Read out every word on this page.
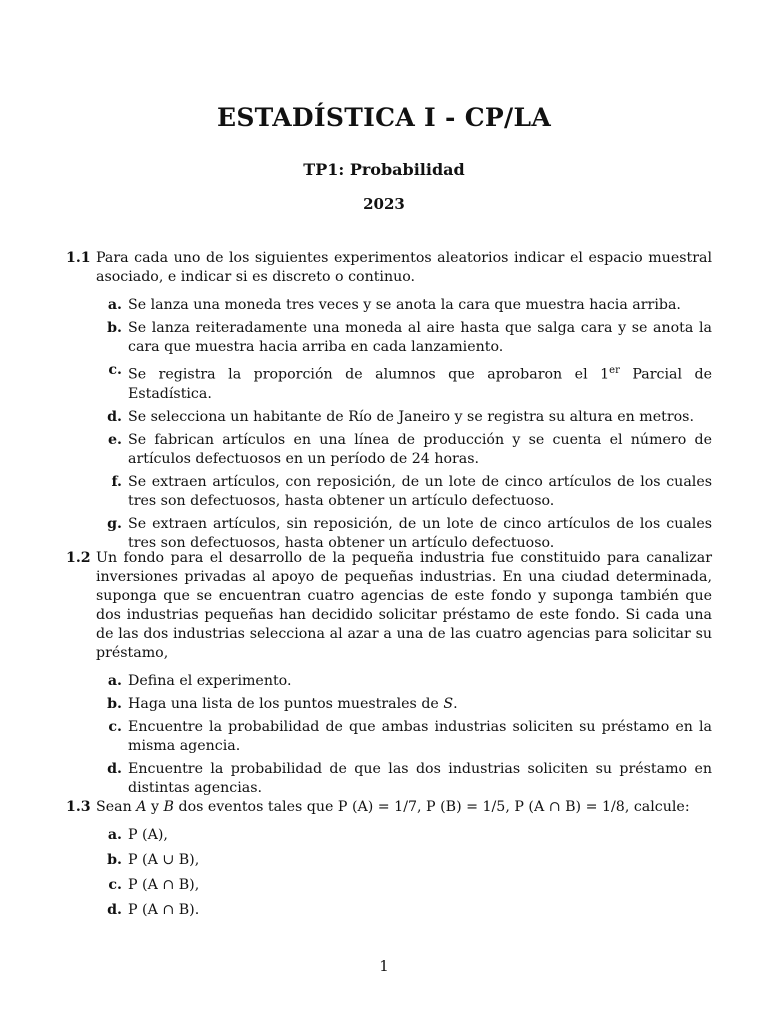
ESTADÍSTICA I - CP/LA
TP1: Probabilidad
2023
1.1 Para cada uno de los siguientes experimentos aleatorios indicar el espacio muestral asociado, e indicar si es discreto o continuo.
a. Se lanza una moneda tres veces y se anota la cara que muestra hacia arriba.
b. Se lanza reiteradamente una moneda al aire hasta que salga cara y se anota la cara que muestra hacia arriba en cada lanzamiento.
c. Se registra la proporción de alumnos que aprobaron el 1er Parcial de Estadística.
d. Se selecciona un habitante de Río de Janeiro y se registra su altura en metros.
e. Se fabrican artículos en una línea de producción y se cuenta el número de artículos defectuosos en un período de 24 horas.
f. Se extraen artículos, con reposición, de un lote de cinco artículos de los cuales tres son defectuosos, hasta obtener un artículo defectuoso.
g. Se extraen artículos, sin reposición, de un lote de cinco artículos de los cuales tres son defectuosos, hasta obtener un artículo defectuoso.
1.2 Un fondo para el desarrollo de la pequeña industria fue constituido para canalizar inversiones privadas al apoyo de pequeñas industrias. En una ciudad determinada, suponga que se encuentran cuatro agencias de este fondo y suponga también que dos industrias pequeñas han decidido solicitar préstamo de este fondo. Si cada una de las dos industrias selecciona al azar a una de las cuatro agencias para solicitar su préstamo,
a. Defina el experimento.
b. Haga una lista de los puntos muestrales de S.
c. Encuentre la probabilidad de que ambas industrias soliciten su préstamo en la misma agencia.
d. Encuentre la probabilidad de que las dos industrias soliciten su préstamo en distintas agencias.
1.3 Sean A y B dos eventos tales que P (A) = 1/7, P (B) = 1/5, P (A ∩ B) = 1/8, calcule:
a. P (A),
b. P (A ∪ B),
c. P (A ∩ B),
d. P (A ∩ B).
1
